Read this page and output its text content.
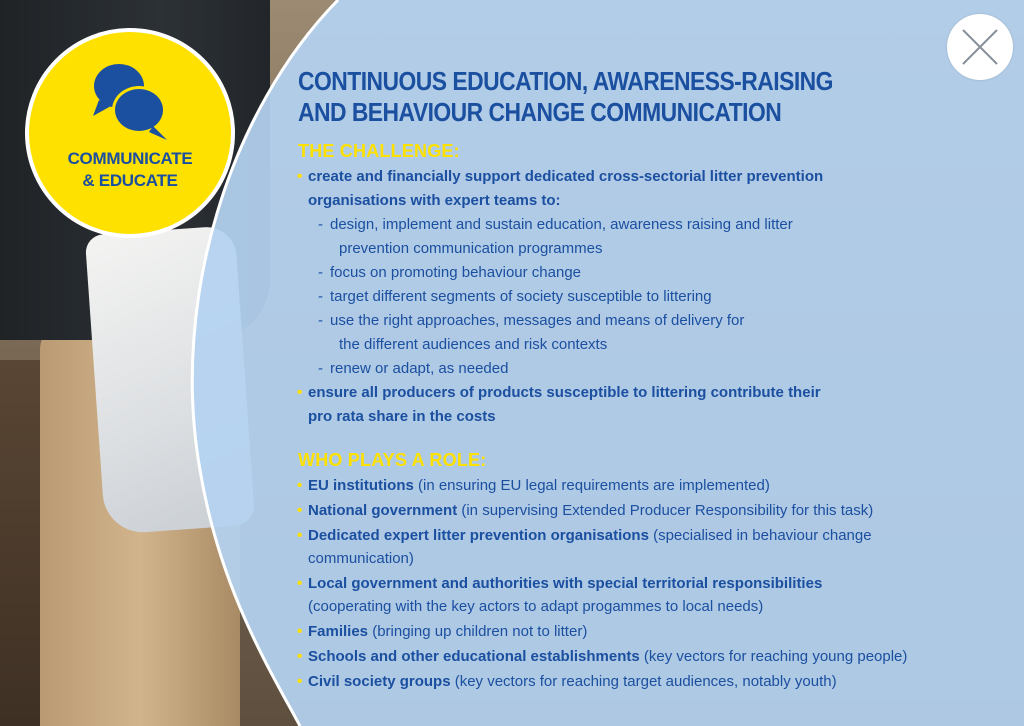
COMMUNICATE
& EDUCATE
CONTINUOUS EDUCATION, AWARENESS-RAISING
AND BEHAVIOUR CHANGE COMMUNICATION
THE CHALLENGE:
• create and financially support dedicated cross-sectorial litter prevention
organisations with expert teams to:
- design, implement and sustain education, awareness raising and litter
prevention communication programmes
- focus on promoting behaviour change
- target different segments of society susceptible to littering
- use the right approaches, messages and means of delivery for
the different audiences and risk contexts
- renew or adapt, as needed
• ensure all producers of products susceptible to littering contribute their
pro rata share in the costs
WHO PLAYS A ROLE:
• EU institutions (in ensuring EU legal requirements are implemented)
• National government (in supervising Extended Producer Responsibility for this task)
• Dedicated expert litter prevention organisations (specialised in behaviour change
communication)
• Local government and authorities with special territorial responsibilities
(cooperating with the key actors to adapt progammes to local needs)
• Families (bringing up children not to litter)
• Schools and other educational establishments (key vectors for reaching young people)
• Civil society groups (key vectors for reaching target audiences, notably youth)
